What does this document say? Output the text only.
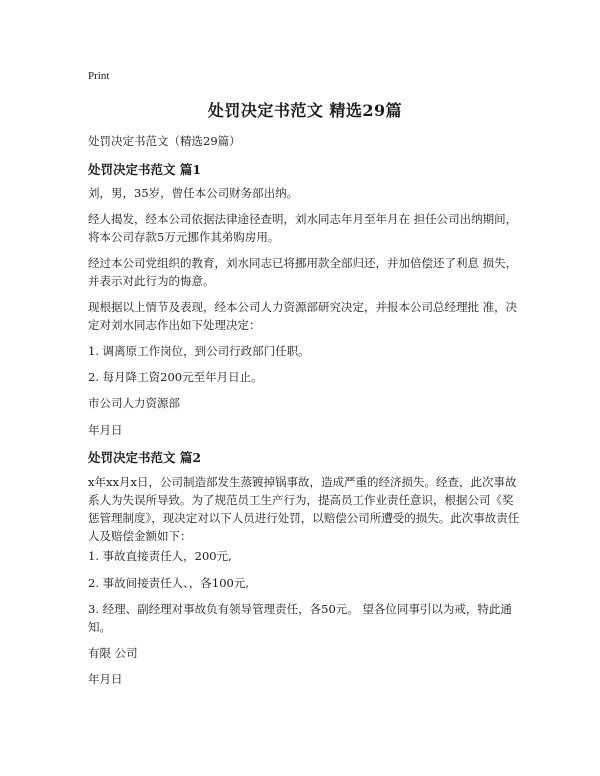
Print
处罚决定书范文 精选29篇
处罚决定书范文（精选29篇）

处罚决定书范文 篇1

刘，男，35岁，曾任本公司财务部出纳。

经人揭发，经本公司依据法律途径查明，刘水同志年月至年月在 担任公司出纳期间，将本公司存款5万元挪作其弟购房用。

经过本公司党组织的教育，刘水同志已将挪用款全部归还，并加倍偿还了利息 损失，并表示对此行为的悔意。

现根据以上情节及表现，经本公司人力资源部研究决定，并报本公司总经理批 准，决定对刘水同志作出如下处理决定：

1. 调离原工作岗位，到公司行政部门任职。

2. 每月降工资200元至年月日止。

市公司人力资源部

年月日

处罚决定书范文 篇2

x年xx月x日，公司制造部发生蒸镀掉锅事故，造成严重的经济损失。经查，此次事故系人为失误所导致。为了规范员工生产行为，提高员工作业责任意识，根据公司《奖惩管理制度》，现决定对以下人员进行处罚，以赔偿公司所遭受的损失。此次事故责任人及赔偿金额如下：

1. 事故直接责任人，200元,

2. 事故间接责任人、，各100元,

3. 经理、副经理对事故负有领导管理责任，各50元。 望各位同事引以为戒，特此通知。

有限 公司

年月日
